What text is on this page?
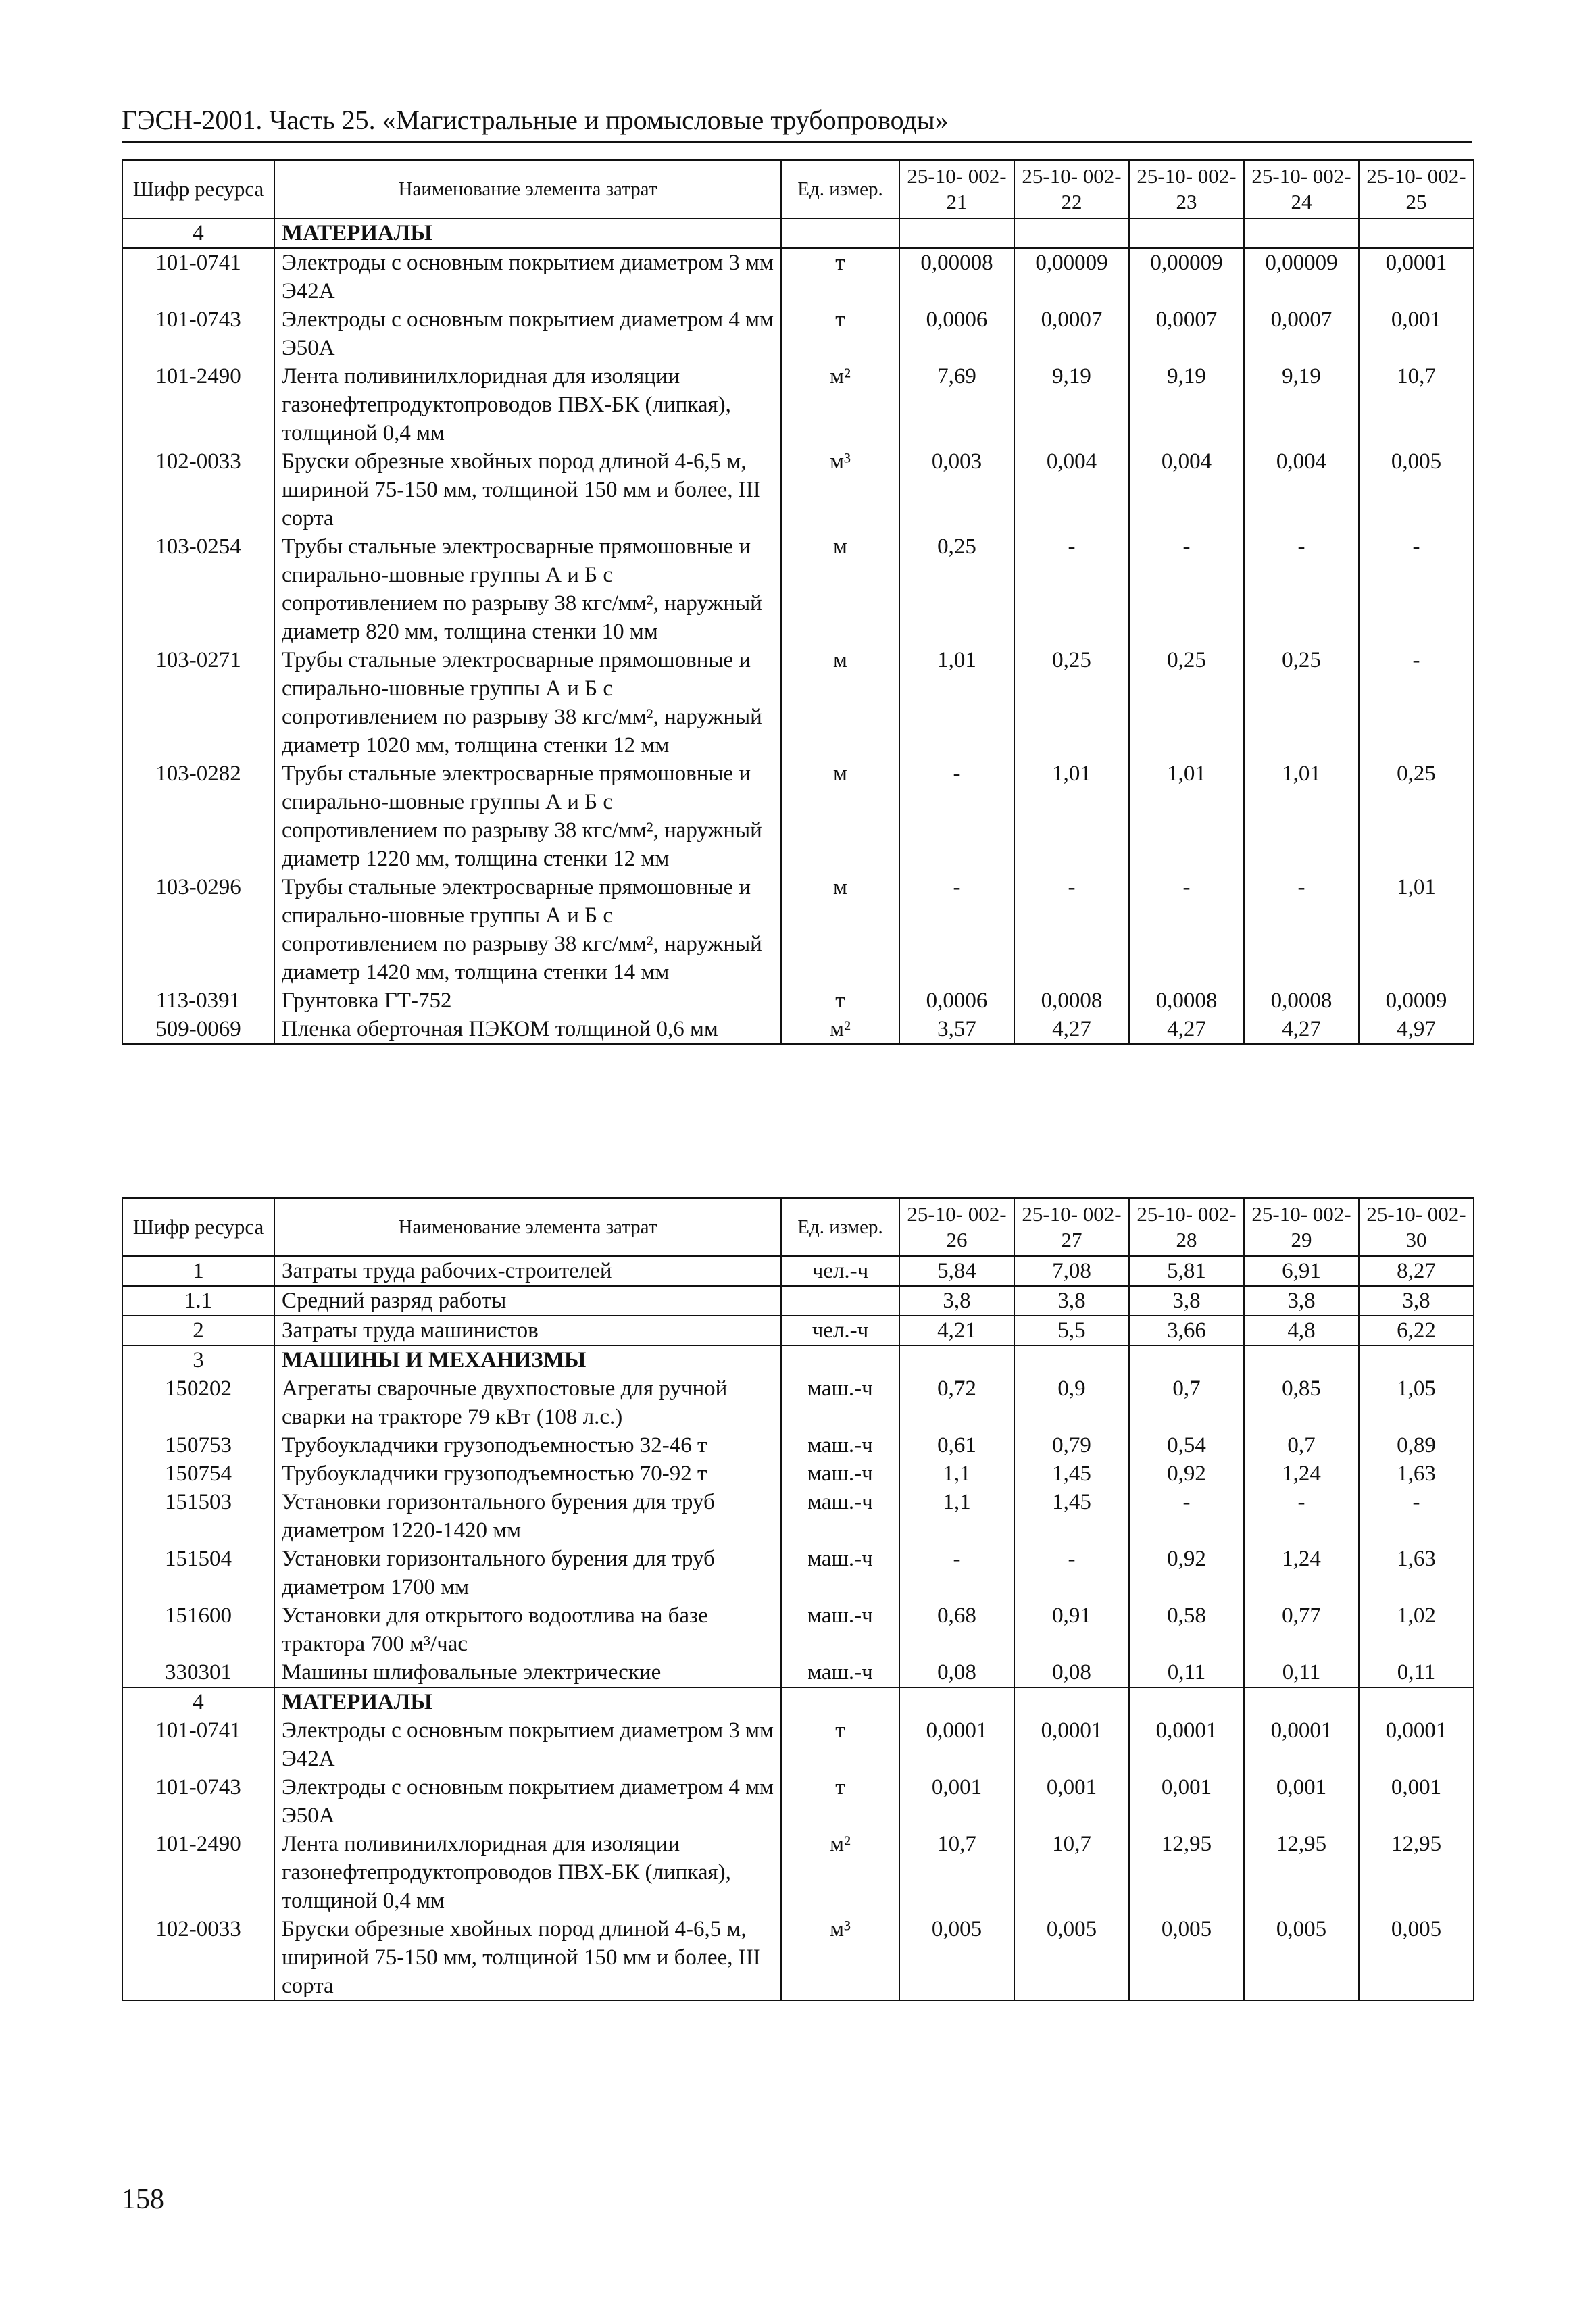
ГЭСН-2001. Часть 25. «Магистральные и промысловые трубопроводы»
Шифр ресурса	Наименование элемента затрат	Ед. измер.	25-10- 002-21	25-10- 002-22	25-10- 002-23	25-10- 002-24	25-10- 002-25
4	МАТЕРИАЛЫ						
101-0741	Электроды с основным покрытием диаметром 3 мм Э42А	т	0,00008	0,00009	0,00009	0,00009	0,0001
101-0743	Электроды с основным покрытием диаметром 4 мм Э50А	т	0,0006	0,0007	0,0007	0,0007	0,001
101-2490	Лента поливинилхлоридная для изоляции газонефтепродуктопроводов ПВХ-БК (липкая), толщиной 0,4 мм	м²	7,69	9,19	9,19	9,19	10,7
102-0033	Бруски обрезные хвойных пород длиной 4-6,5 м, шириной 75-150 мм, толщиной 150 мм и более, III сорта	м³	0,003	0,004	0,004	0,004	0,005
103-0254	Трубы стальные электросварные прямошовные и спирально-шовные группы А и Б с сопротивлением по разрыву 38 кгс/мм², наружный диаметр 820 мм, толщина стенки 10 мм	м	0,25	-	-	-	-
103-0271	Трубы стальные электросварные прямошовные и спирально-шовные группы А и Б с сопротивлением по разрыву 38 кгс/мм², наружный диаметр 1020 мм, толщина стенки 12 мм	м	1,01	0,25	0,25	0,25	-
103-0282	Трубы стальные электросварные прямошовные и спирально-шовные группы А и Б с сопротивлением по разрыву 38 кгс/мм², наружный диаметр 1220 мм, толщина стенки 12 мм	м	-	1,01	1,01	1,01	0,25
103-0296	Трубы стальные электросварные прямошовные и спирально-шовные группы А и Б с сопротивлением по разрыву 38 кгс/мм², наружный диаметр 1420 мм, толщина стенки 14 мм	м	-	-	-	-	1,01
113-0391	Грунтовка ГТ-752	т	0,0006	0,0008	0,0008	0,0008	0,0009
509-0069	Пленка оберточная ПЭКОМ толщиной 0,6 мм	м²	3,57	4,27	4,27	4,27	4,97
Шифр ресурса	Наименование элемента затрат	Ед. измер.	25-10- 002-26	25-10- 002-27	25-10- 002-28	25-10- 002-29	25-10- 002-30
1	Затраты труда рабочих-строителей	чел.-ч	5,84	7,08	5,81	6,91	8,27
1.1	Средний разряд работы		3,8	3,8	3,8	3,8	3,8
2	Затраты труда машинистов	чел.-ч	4,21	5,5	3,66	4,8	6,22
3	МАШИНЫ И МЕХАНИЗМЫ						
150202	Агрегаты сварочные двухпостовые для ручной сварки на тракторе 79 кВт (108 л.с.)	маш.-ч	0,72	0,9	0,7	0,85	1,05
150753	Трубоукладчики грузоподъемностью 32-46 т	маш.-ч	0,61	0,79	0,54	0,7	0,89
150754	Трубоукладчики грузоподъемностью 70-92 т	маш.-ч	1,1	1,45	0,92	1,24	1,63
151503	Установки горизонтального бурения для труб диаметром 1220-1420 мм	маш.-ч	1,1	1,45	-	-	-
151504	Установки горизонтального бурения для труб диаметром 1700 мм	маш.-ч	-	-	0,92	1,24	1,63
151600	Установки для открытого водоотлива на базе трактора 700 м³/час	маш.-ч	0,68	0,91	0,58	0,77	1,02
330301	Машины шлифовальные электрические	маш.-ч	0,08	0,08	0,11	0,11	0,11
4	МАТЕРИАЛЫ						
101-0741	Электроды с основным покрытием диаметром 3 мм Э42А	т	0,0001	0,0001	0,0001	0,0001	0,0001
101-0743	Электроды с основным покрытием диаметром 4 мм Э50А	т	0,001	0,001	0,001	0,001	0,001
101-2490	Лента поливинилхлоридная для изоляции газонефтепродуктопроводов ПВХ-БК (липкая), толщиной 0,4 мм	м²	10,7	10,7	12,95	12,95	12,95
102-0033	Бруски обрезные хвойных пород длиной 4-6,5 м, шириной 75-150 мм, толщиной 150 мм и более, III сорта	м³	0,005	0,005	0,005	0,005	0,005
158
